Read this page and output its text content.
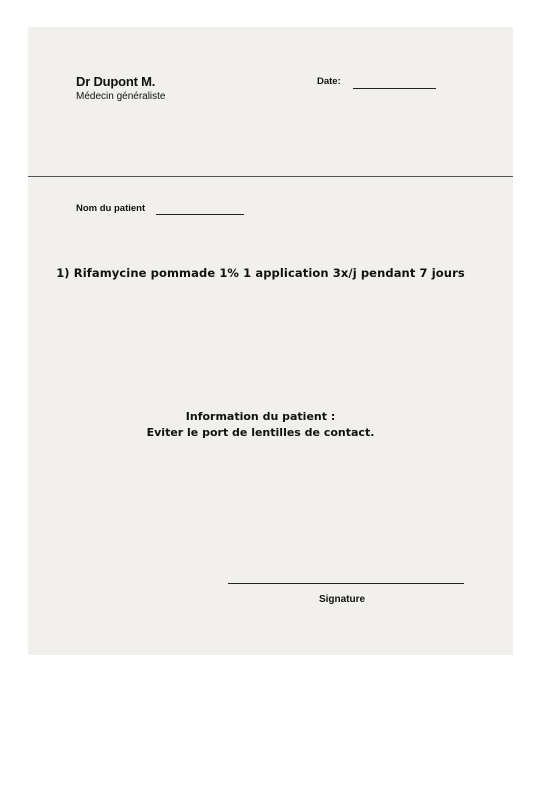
Dr Dupont M.
Médecin généraliste
Date:
Nom du patient
1) Rifamycine pommade 1% 1 application 3x/j pendant 7 jours
Information du patient :
Eviter le port de lentilles de contact.
Signature
